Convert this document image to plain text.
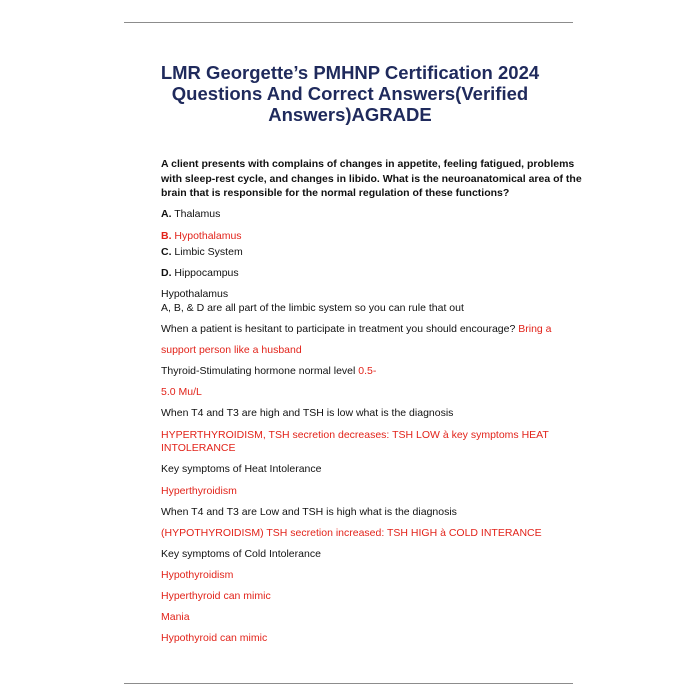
LMR Georgette’s PMHNP Certification 2024
Questions And Correct Answers(Verified
Answers)AGRADE
A client presents with complains of changes in appetite, feeling fatigued, problems
with sleep-rest cycle, and changes in libido. What is the neuroanatomical area of the
brain that is responsible for the normal regulation of these functions?
A. Thalamus
B. Hypothalamus
C. Limbic System
D. Hippocampus
Hypothalamus
A, B, & D are all part of the limbic system so you can rule that out
When a patient is hesitant to participate in treatment you should encourage? Bring a
support person like a husband
Thyroid-Stimulating hormone normal level 0.5-
5.0 Mu/L
When T4 and T3 are high and TSH is low what is the diagnosis
HYPERTHYROIDISM, TSH secretion decreases: TSH LOW à key symptoms HEAT
INTOLERANCE
Key symptoms of Heat Intolerance
Hyperthyroidism
When T4 and T3 are Low and TSH is high what is the diagnosis
(HYPOTHYROIDISM) TSH secretion increased: TSH HIGH à COLD INTERANCE
Key symptoms of Cold Intolerance
Hypothyroidism
Hyperthyroid can mimic
Mania
Hypothyroid can mimic
